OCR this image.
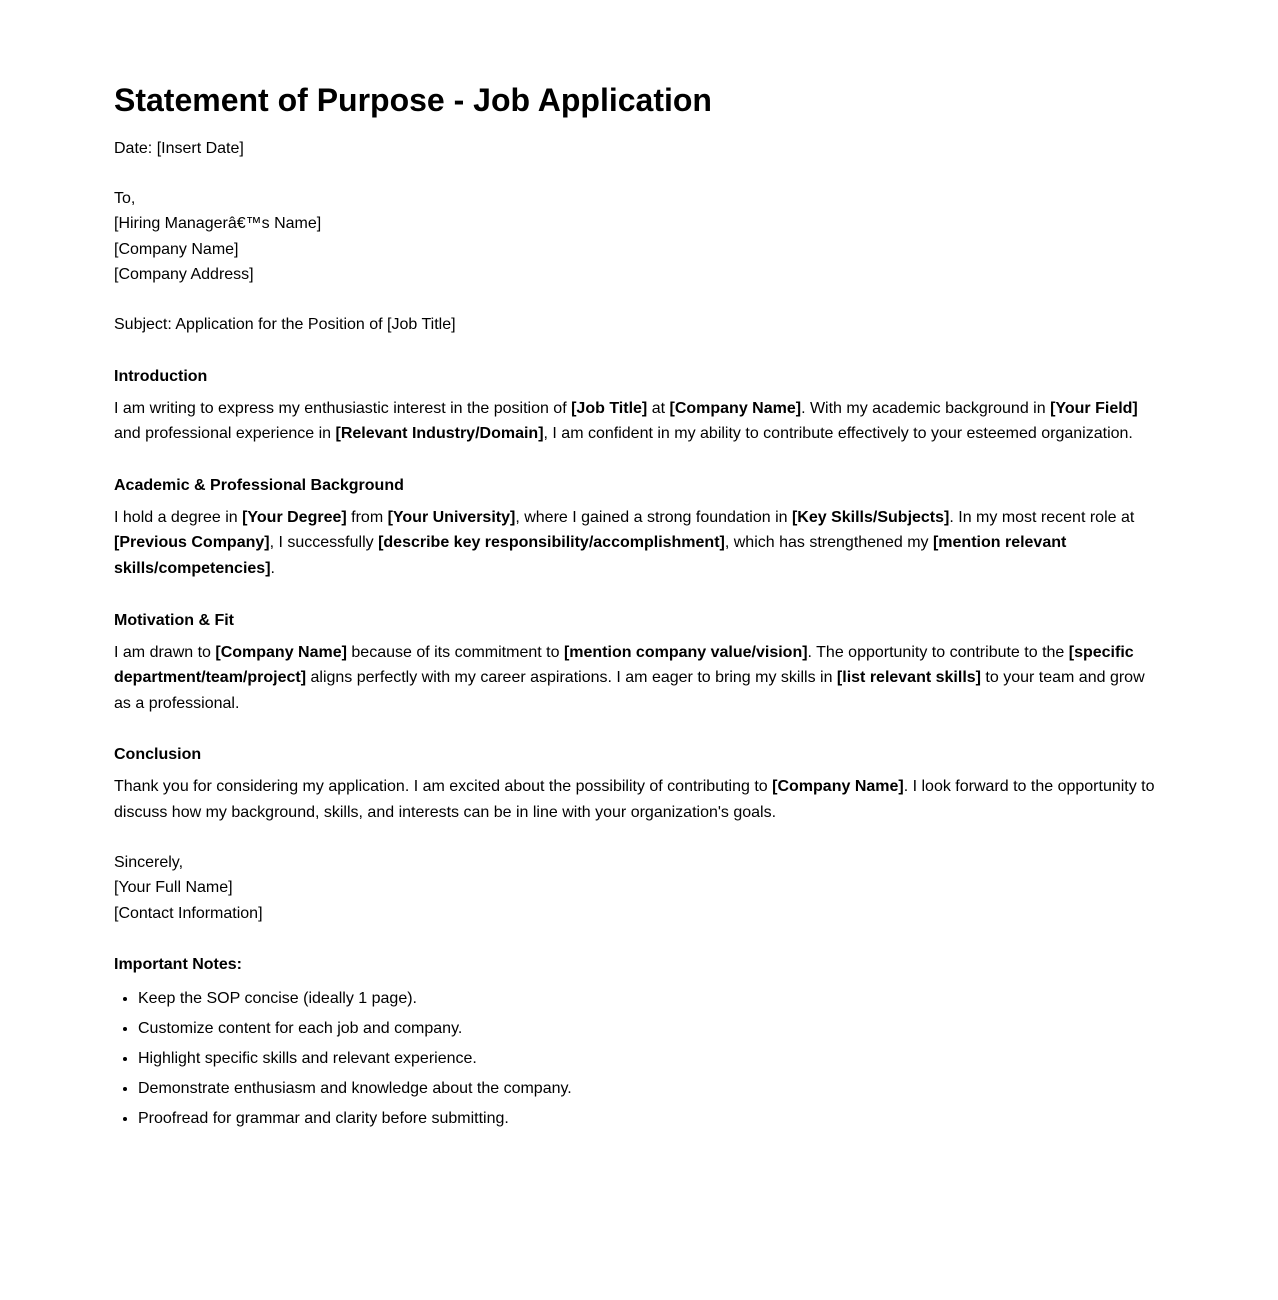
Statement of Purpose - Job Application

Date: [Insert Date]

To,
[Hiring Managerâ€™s Name]
[Company Name]
[Company Address]

Subject: Application for the Position of [Job Title]

Introduction

I am writing to express my enthusiastic interest in the position of [Job Title] at [Company Name]. With my academic background in [Your Field] and professional experience in [Relevant Industry/Domain], I am confident in my ability to contribute effectively to your esteemed organization.

Academic & Professional Background

I hold a degree in [Your Degree] from [Your University], where I gained a strong foundation in [Key Skills/Subjects]. In my most recent role at [Previous Company], I successfully [describe key responsibility/accomplishment], which has strengthened my [mention relevant skills/competencies].

Motivation & Fit

I am drawn to [Company Name] because of its commitment to [mention company value/vision]. The opportunity to contribute to the [specific department/team/project] aligns perfectly with my career aspirations. I am eager to bring my skills in [list relevant skills] to your team and grow as a professional.

Conclusion

Thank you for considering my application. I am excited about the possibility of contributing to [Company Name]. I look forward to the opportunity to discuss how my background, skills, and interests can be in line with your organization's goals.

Sincerely,
[Your Full Name]
[Contact Information]

Important Notes:
• Keep the SOP concise (ideally 1 page).
• Customize content for each job and company.
• Highlight specific skills and relevant experience.
• Demonstrate enthusiasm and knowledge about the company.
• Proofread for grammar and clarity before submitting.
